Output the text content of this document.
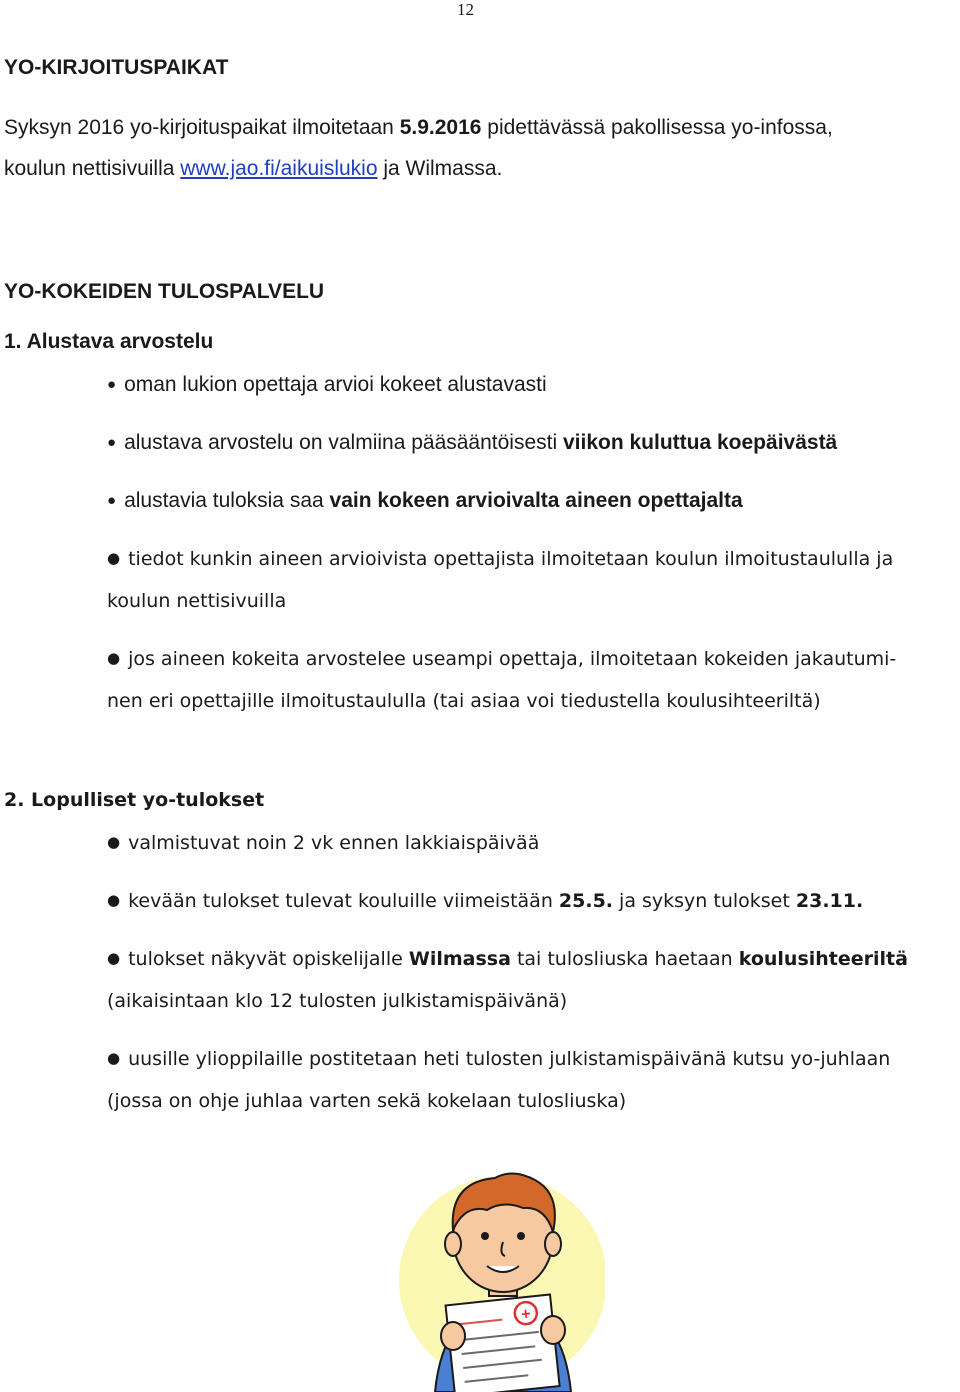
12
YO-KIRJOITUSPAIKAT
Syksyn 2016 yo-kirjoituspaikat ilmoitetaan 5.9.2016 pidettävässä pakollisessa yo-infossa,
koulun nettisivuilla www.jao.fi/aikuislukio ja Wilmassa.
YO-KOKEIDEN TULOSPALVELU
1. Alustava arvostelu
● oman lukion opettaja arvioi kokeet alustavasti
● alustava arvostelu on valmiina pääsääntöisesti viikon kuluttua koepäivästä
● alustavia tuloksia saa vain kokeen arvioivalta aineen opettajalta
● tiedot kunkin aineen arvioivista opettajista ilmoitetaan koulun ilmoitustaululla ja
koulun nettisivuilla
● jos aineen kokeita arvostelee useampi opettaja, ilmoitetaan kokeiden jakautumi-
nen eri opettajille ilmoitustaululla (tai asiaa voi tiedustella koulusihteeriltä)
2. Lopulliset yo-tulokset
● valmistuvat noin 2 vk ennen lakkiaispäivää
● kevään tulokset tulevat kouluille viimeistään 25.5. ja syksyn tulokset 23.11.
● tulokset näkyvät opiskelijalle Wilmassa tai tulosliuska haetaan koulusihteeriltä
(aikaisintaan klo 12 tulosten julkistamispäivänä)
● uusille ylioppilaille postitetaan heti tulosten julkistamispäivänä kutsu yo-juhlaan
(jossa on ohje juhlaa varten sekä kokelaan tulosliuska)
+
